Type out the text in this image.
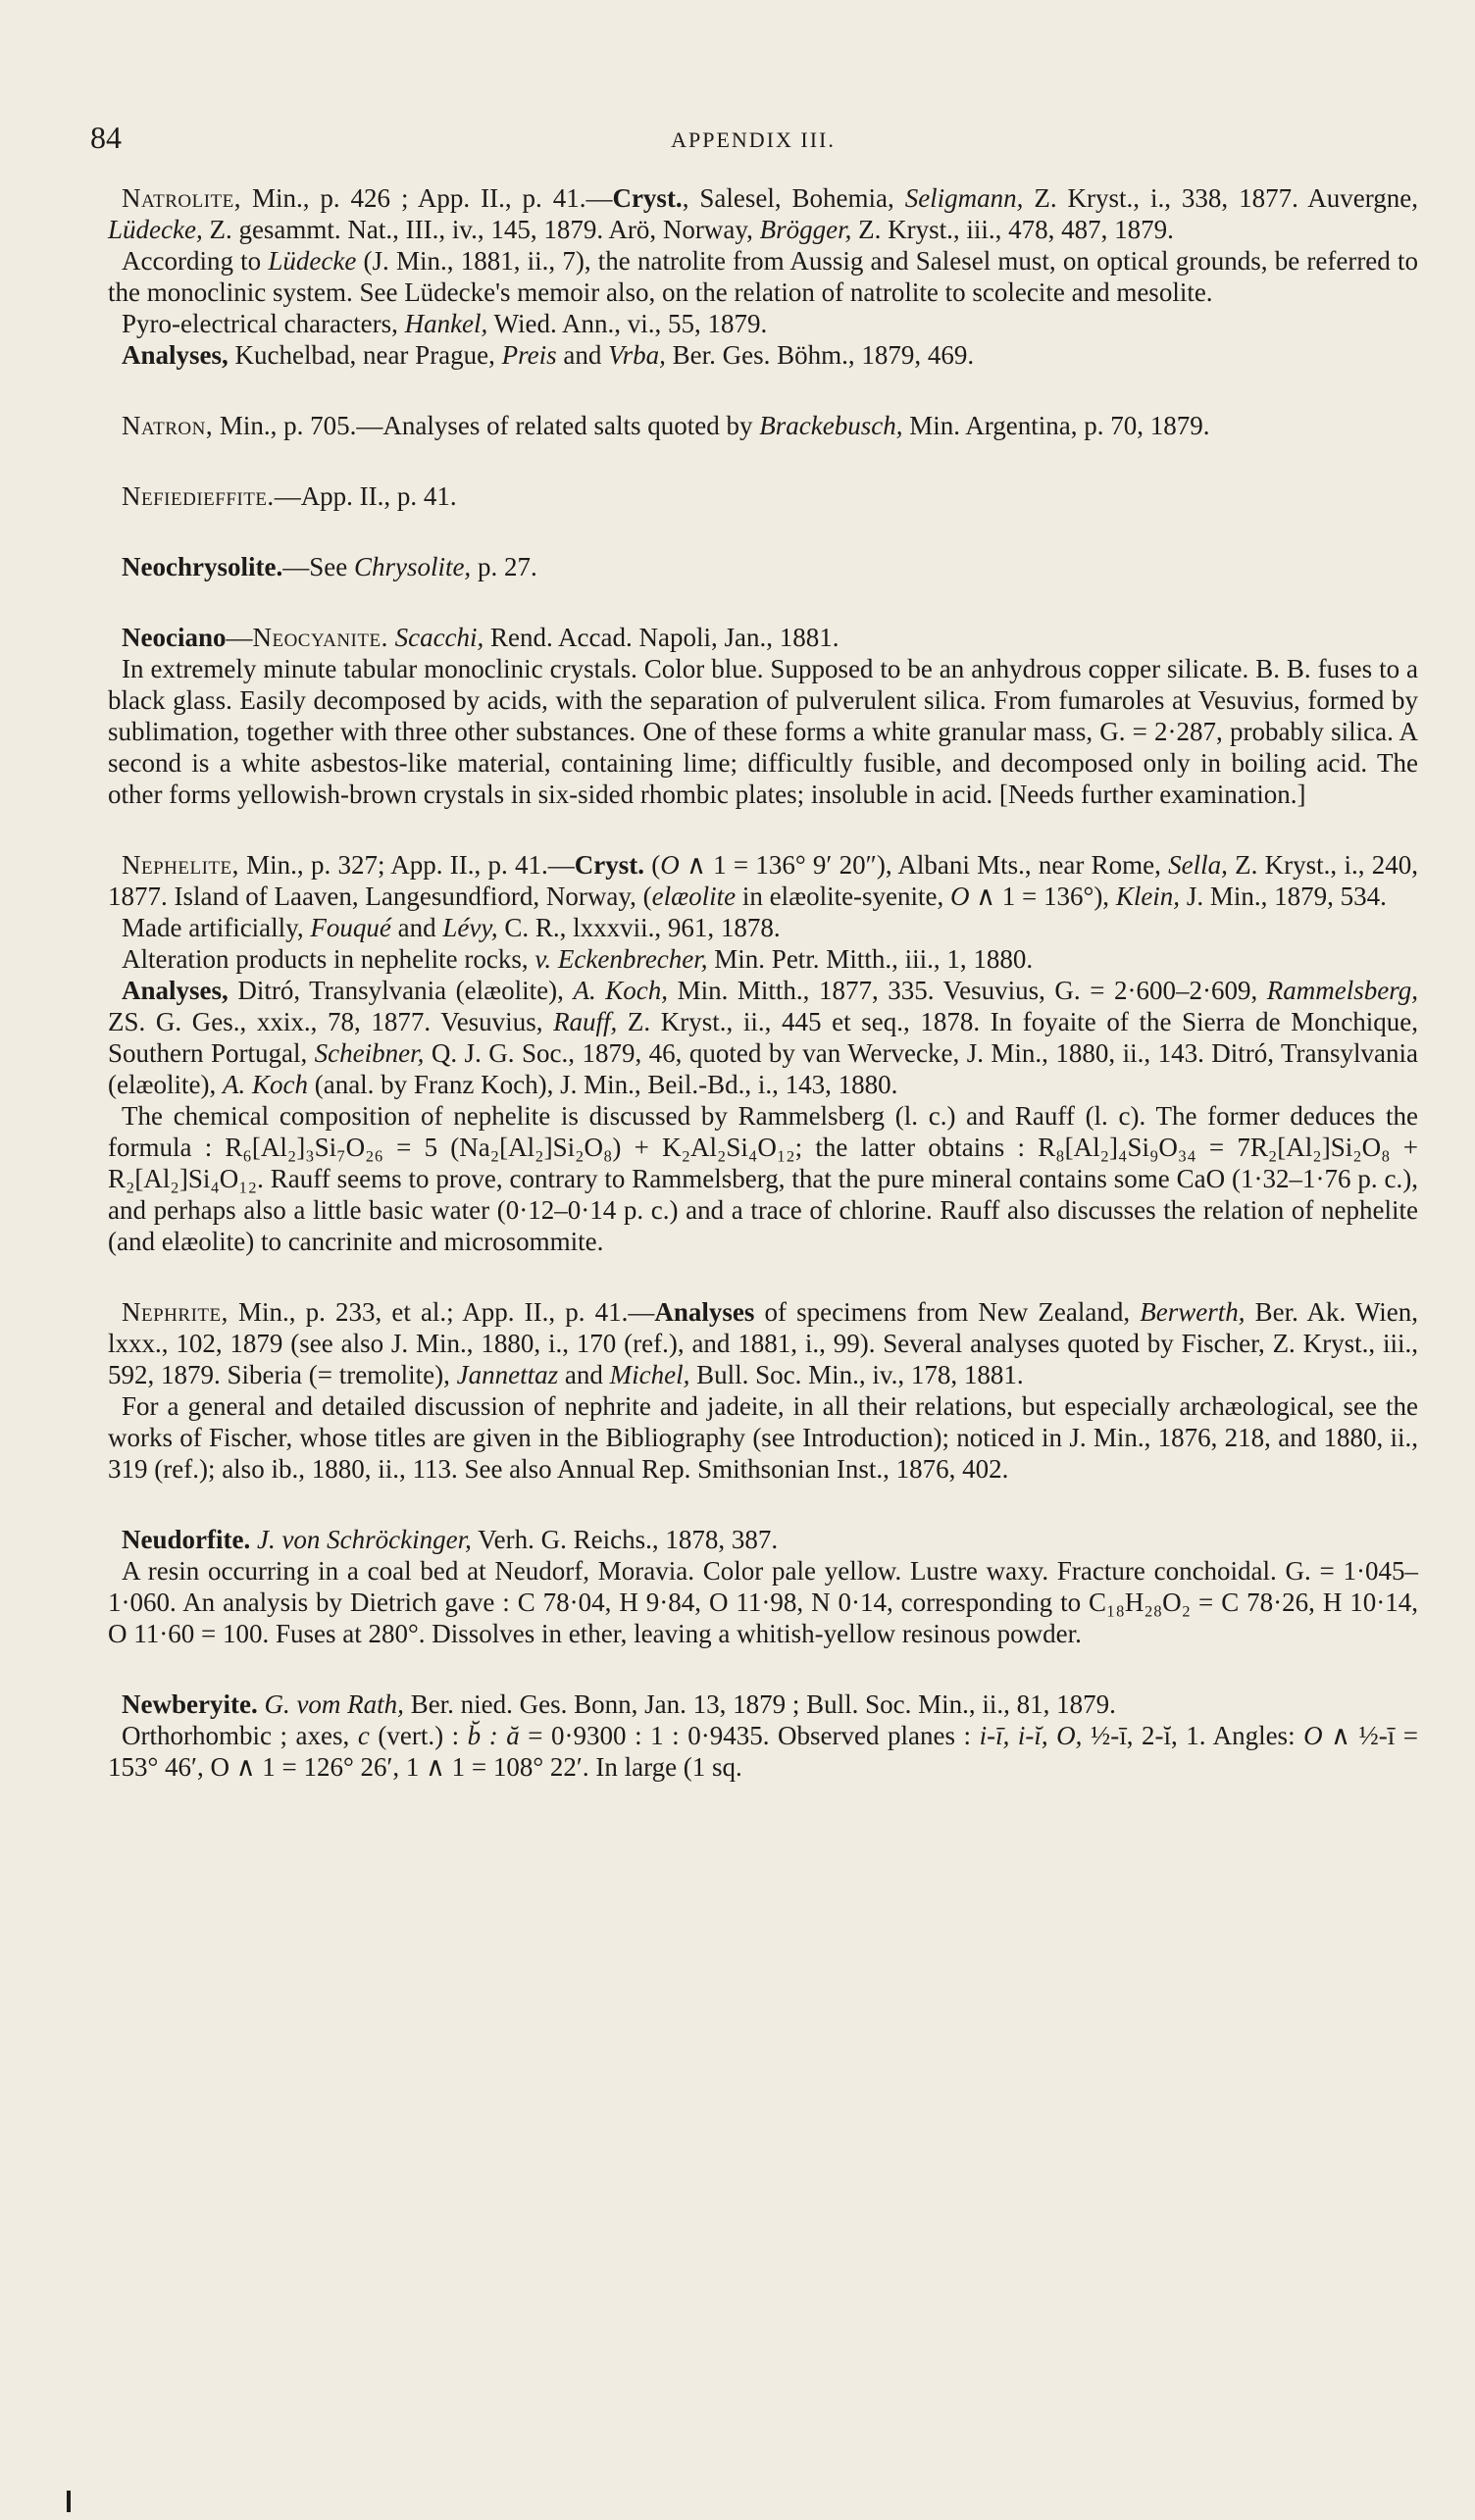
84	APPENDIX III.

Natrolite, Min., p. 426 ; App. II., p. 41.—Cryst., Salesel, Bohemia, Seligmann, Z. Kryst., i., 338, 1877. Auvergne, Lüdecke, Z. gesammt. Nat., III., iv., 145, 1879. Arö, Norway, Brögger, Z. Kryst., iii., 478, 487, 1879.

According to Lüdecke (J. Min., 1881, ii., 7), the natrolite from Aussig and Salesel must, on optical grounds, be referred to the monoclinic system. See Lüdecke's memoir also, on the relation of natrolite to scolecite and mesolite.

Pyro-electrical characters, Hankel, Wied. Ann., vi., 55, 1879.

Analyses, Kuchelbad, near Prague, Preis and Vrba, Ber. Ges. Böhm., 1879, 469.

Natron, Min., p. 705.—Analyses of related salts quoted by Brackebusch, Min. Argentina, p. 70, 1879.

Nefiedieffite.—App. II., p. 41.

Neochrysolite.—See Chrysolite, p. 27.

Neociano—Neocyanite. Scacchi, Rend. Accad. Napoli, Jan., 1881.

In extremely minute tabular monoclinic crystals. Color blue. Supposed to be an anhydrous copper silicate. B. B. fuses to a black glass. Easily decomposed by acids, with the separation of pulverulent silica. From fumaroles at Vesuvius, formed by sublimation, together with three other substances. One of these forms a white granular mass, G. = 2·287, probably silica. A second is a white asbestos-like material, containing lime; difficultly fusible, and decomposed only in boiling acid. The other forms yellowish-brown crystals in six-sided rhombic plates; insoluble in acid. [Needs further examination.]

Nephelite, Min., p. 327; App. II., p. 41.—Cryst. (O ∧ 1 = 136° 9′ 20″), Albani Mts., near Rome, Sella, Z. Kryst., i., 240, 1877. Island of Laaven, Langesundfiord, Norway, (elæolite in elæolite-syenite, O ∧ 1 = 136°), Klein, J. Min., 1879, 534.

Made artificially, Fouqué and Lévy, C. R., lxxxvii., 961, 1878.

Alteration products in nephelite rocks, v. Eckenbrecher, Min. Petr. Mitth., iii., 1, 1880.

Analyses, Ditró, Transylvania (elæolite), A. Koch, Min. Mitth., 1877, 335. Vesuvius, G. = 2·600–2·609, Rammelsberg, ZS. G. Ges., xxix., 78, 1877. Vesuvius, Rauff, Z. Kryst., ii., 445 et seq., 1878. In foyaite of the Sierra de Monchique, Southern Portugal, Scheibner, Q. J. G. Soc., 1879, 46, quoted by van Wervecke, J. Min., 1880, ii., 143. Ditró, Transylvania (elæolite), A. Koch (anal. by Franz Koch), J. Min., Beil.-Bd., i., 143, 1880.

The chemical composition of nephelite is discussed by Rammelsberg (l. c.) and Rauff (l. c). The former deduces the formula : R₆[Al₂]₃Si₇O₂₆ = 5 (Na₂[Al₂]Si₂O₈) + K₂Al₂Si₄O₁₂; the latter obtains : R₈[Al₂]₄Si₉O₃₄ = 7R₂[Al₂]Si₂O₈ + R₂[Al₂]Si₄O₁₂. Rauff seems to prove, contrary to Rammelsberg, that the pure mineral contains some CaO (1·32–1·76 p. c.), and perhaps also a little basic water (0·12–0·14 p. c.) and a trace of chlorine. Rauff also discusses the relation of nephelite (and elæolite) to cancrinite and microsommite.

Nephrite, Min., p. 233, et al.; App. II., p. 41.—Analyses of specimens from New Zealand, Berwerth, Ber. Ak. Wien, lxxx., 102, 1879 (see also J. Min., 1880, i., 170 (ref.), and 1881, i., 99). Several analyses quoted by Fischer, Z. Kryst., iii., 592, 1879. Siberia (= tremolite), Jannettaz and Michel, Bull. Soc. Min., iv., 178, 1881.

For a general and detailed discussion of nephrite and jadeite, in all their relations, but especially archæological, see the works of Fischer, whose titles are given in the Bibliography (see Introduction); noticed in J. Min., 1876, 218, and 1880, ii., 319 (ref.); also ib., 1880, ii., 113. See also Annual Rep. Smithsonian Inst., 1876, 402.

Neudorfite. J. von Schröckinger, Verh. G. Reichs., 1878, 387.

A resin occurring in a coal bed at Neudorf, Moravia. Color pale yellow. Lustre waxy. Fracture conchoidal. G. = 1·045–1·060. An analysis by Dietrich gave : C 78·04, H 9·84, O 11·98, N 0·14, corresponding to C₁₈H₂₈O₂ = C 78·26, H 10·14, O 11·60 = 100. Fuses at 280°. Dissolves in ether, leaving a whitish-yellow resinous powder.

Newberyite. G. vom Rath, Ber. nied. Ges. Bonn, Jan. 13, 1879 ; Bull. Soc. Min., ii., 81, 1879.

Orthorhombic ; axes, c (vert.) : b̆ : ă = 0·9300 : 1 : 0·9435. Observed planes : i-ī, i-ĭ, O, ½-ī, 2-ĭ, 1. Angles: O ∧ ½-ī = 153° 46′, O ∧ 1 = 126° 26′, 1 ∧ 1 = 108° 22′. In large (1 sq.
